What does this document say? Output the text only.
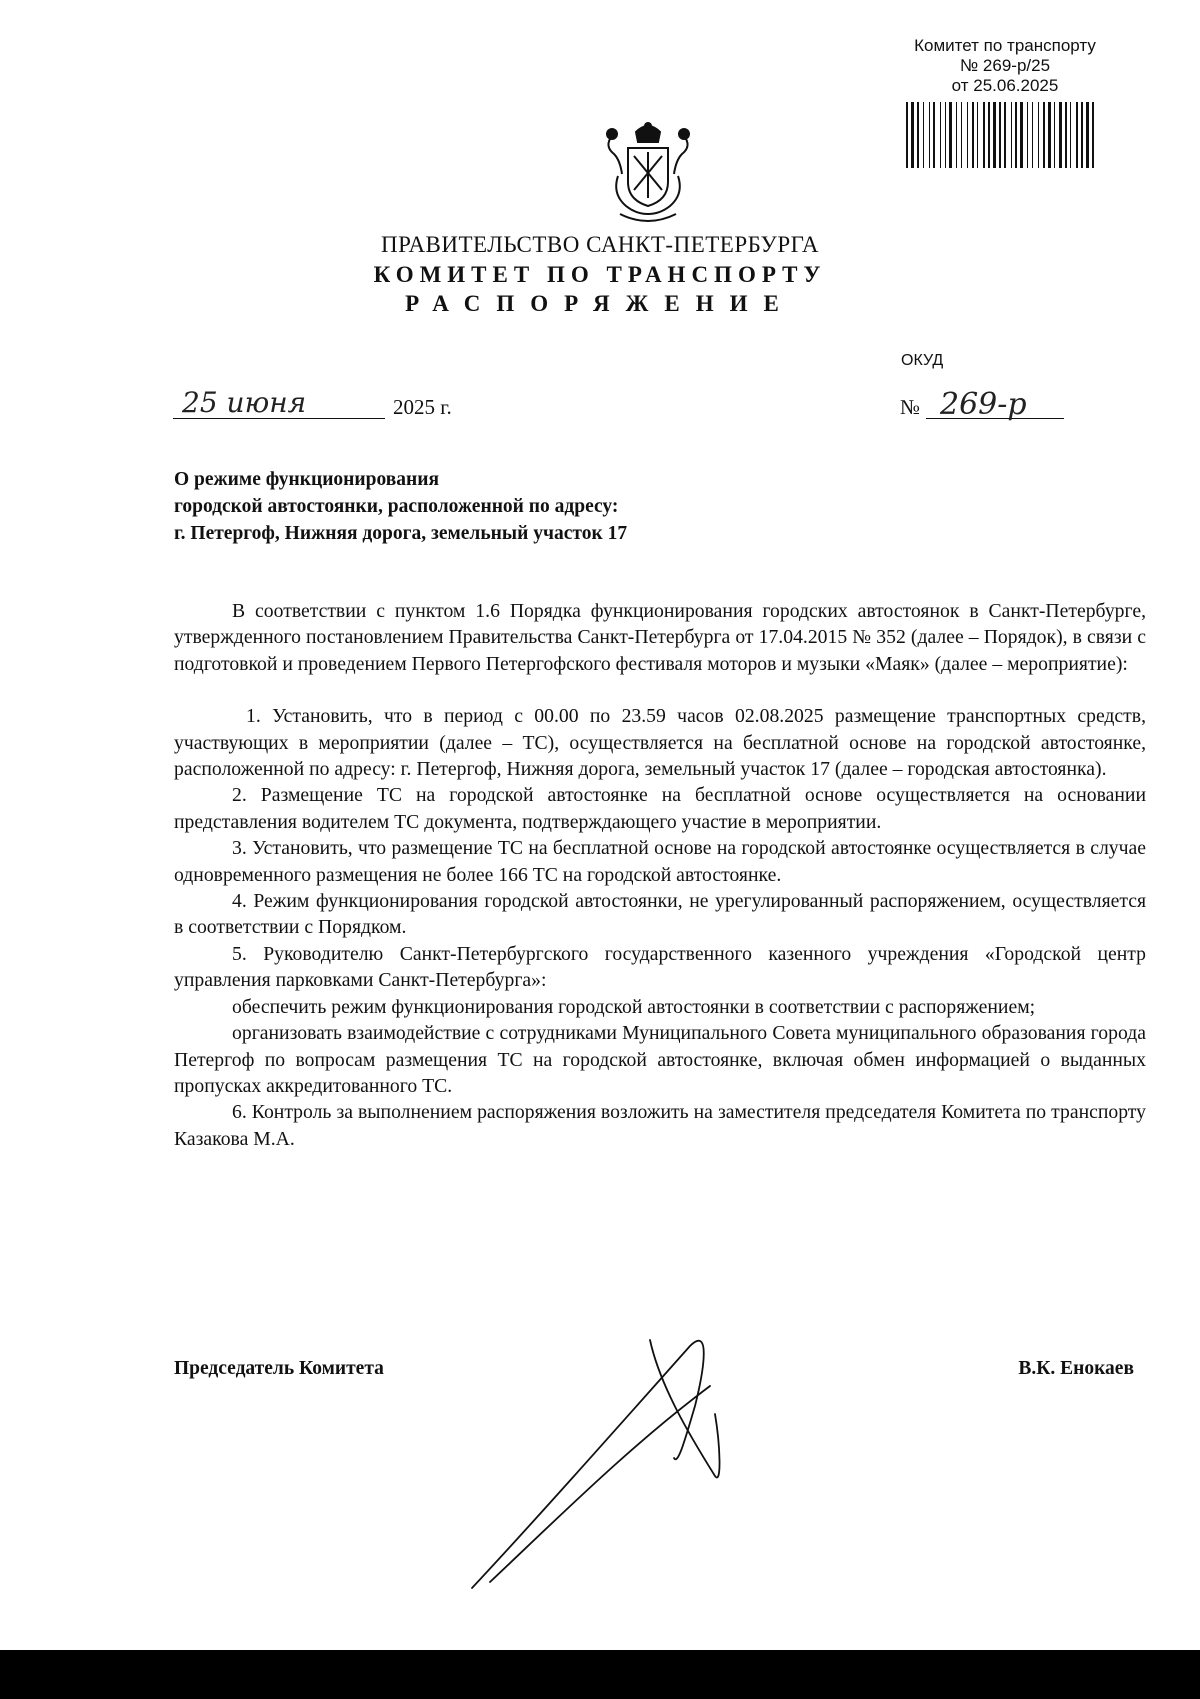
Комитет по транспорту
№ 269-р/25
от 25.06.2025
ПРАВИТЕЛЬСТВО САНКТ-ПЕТЕРБУРГА
КОМИТЕТ ПО ТРАНСПОРТУ
РАСПОРЯЖЕНИЕ
ОКУД
25 июня	2025 г.	№ 269-р
О режиме функционирования
городской автостоянки, расположенной по адресу:
г. Петергоф, Нижняя дорога, земельный участок 17

В соответствии с пунктом 1.6 Порядка функционирования городских автостоянок в Санкт-Петербурге, утвержденного постановлением Правительства Санкт-Петербурга от 17.04.2015 № 352 (далее – Порядок), в связи с подготовкой и проведением Первого Петергофского фестиваля моторов и музыки «Маяк» (далее – мероприятие):

1. Установить, что в период с 00.00 по 23.59 часов 02.08.2025 размещение транспортных средств, участвующих в мероприятии (далее – ТС), осуществляется на бесплатной основе на городской автостоянке, расположенной по адресу: г. Петергоф, Нижняя дорога, земельный участок 17 (далее – городская автостоянка).

2. Размещение ТС на городской автостоянке на бесплатной основе осуществляется на основании представления водителем ТС документа, подтверждающего участие в мероприятии.

3. Установить, что размещение ТС на бесплатной основе на городской автостоянке осуществляется в случае одновременного размещения не более 166 ТС на городской автостоянке.

4. Режим функционирования городской автостоянки, не урегулированный распоряжением, осуществляется в соответствии с Порядком.

5. Руководителю Санкт-Петербургского государственного казенного учреждения «Городской центр управления парковками Санкт-Петербурга»:

обеспечить режим функционирования городской автостоянки в соответствии с распоряжением;

организовать взаимодействие с сотрудниками Муниципального Совета муниципального образования города Петергоф по вопросам размещения ТС на городской автостоянке, включая обмен информацией о выданных пропусках аккредитованного ТС.

6. Контроль за выполнением распоряжения возложить на заместителя председателя Комитета по транспорту Казакова М.А.

Председатель Комитета	В.К. Енокаев
